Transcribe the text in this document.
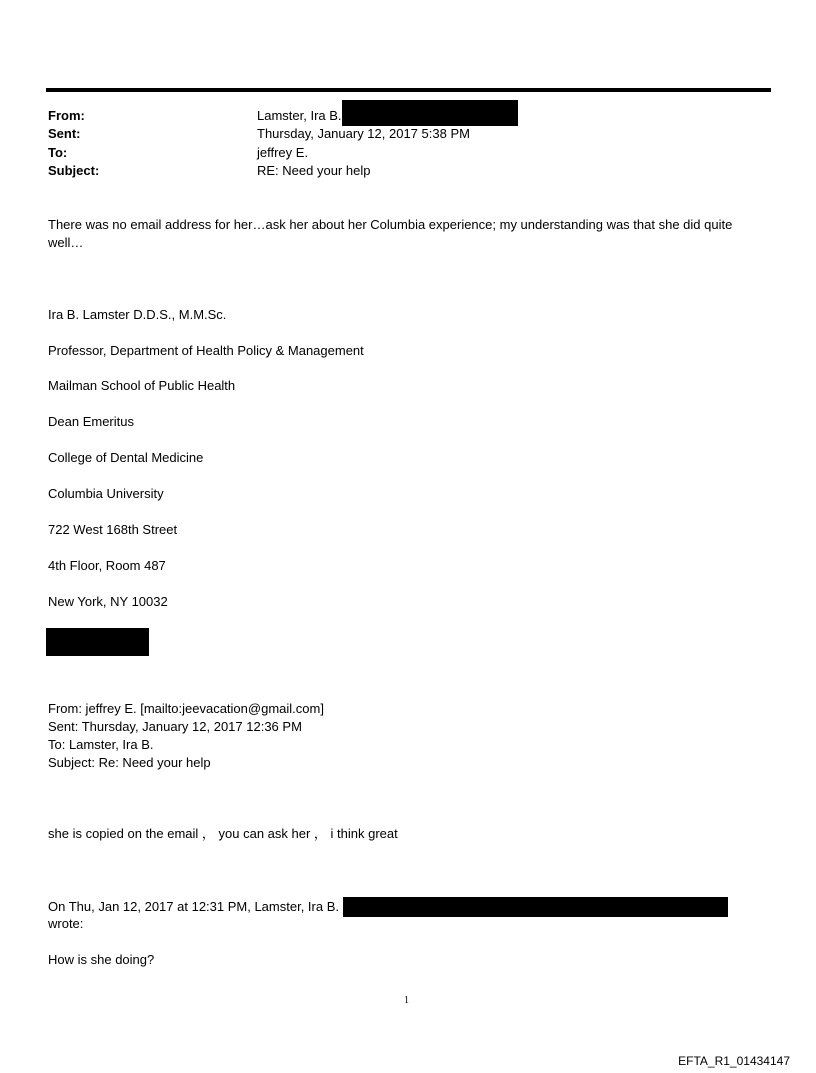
From:	Lamster, Ira B.
Sent:	Thursday, January 12, 2017 5:38 PM
To:	jeffrey E.
Subject:	RE: Need your help
There was no email address for her…ask her about her Columbia experience; my understanding was that she did quite well…
Ira B. Lamster D.D.S., M.M.Sc.
Professor, Department of Health Policy & Management
Mailman School of Public Health
Dean Emeritus
College of Dental Medicine
Columbia University
722 West 168th Street
4th Floor, Room 487
New York, NY 10032
From: jeffrey E. [mailto:jeevacation@gmail.com]
Sent: Thursday, January 12, 2017 12:36 PM
To: Lamster, Ira B.
Subject: Re: Need your help
she is copied on the email ， you can ask her ， i think great
On Thu, Jan 12, 2017 at 12:31 PM, Lamster, Ira B.
wrote:
How is she doing?
1
EFTA_R1_01434147
